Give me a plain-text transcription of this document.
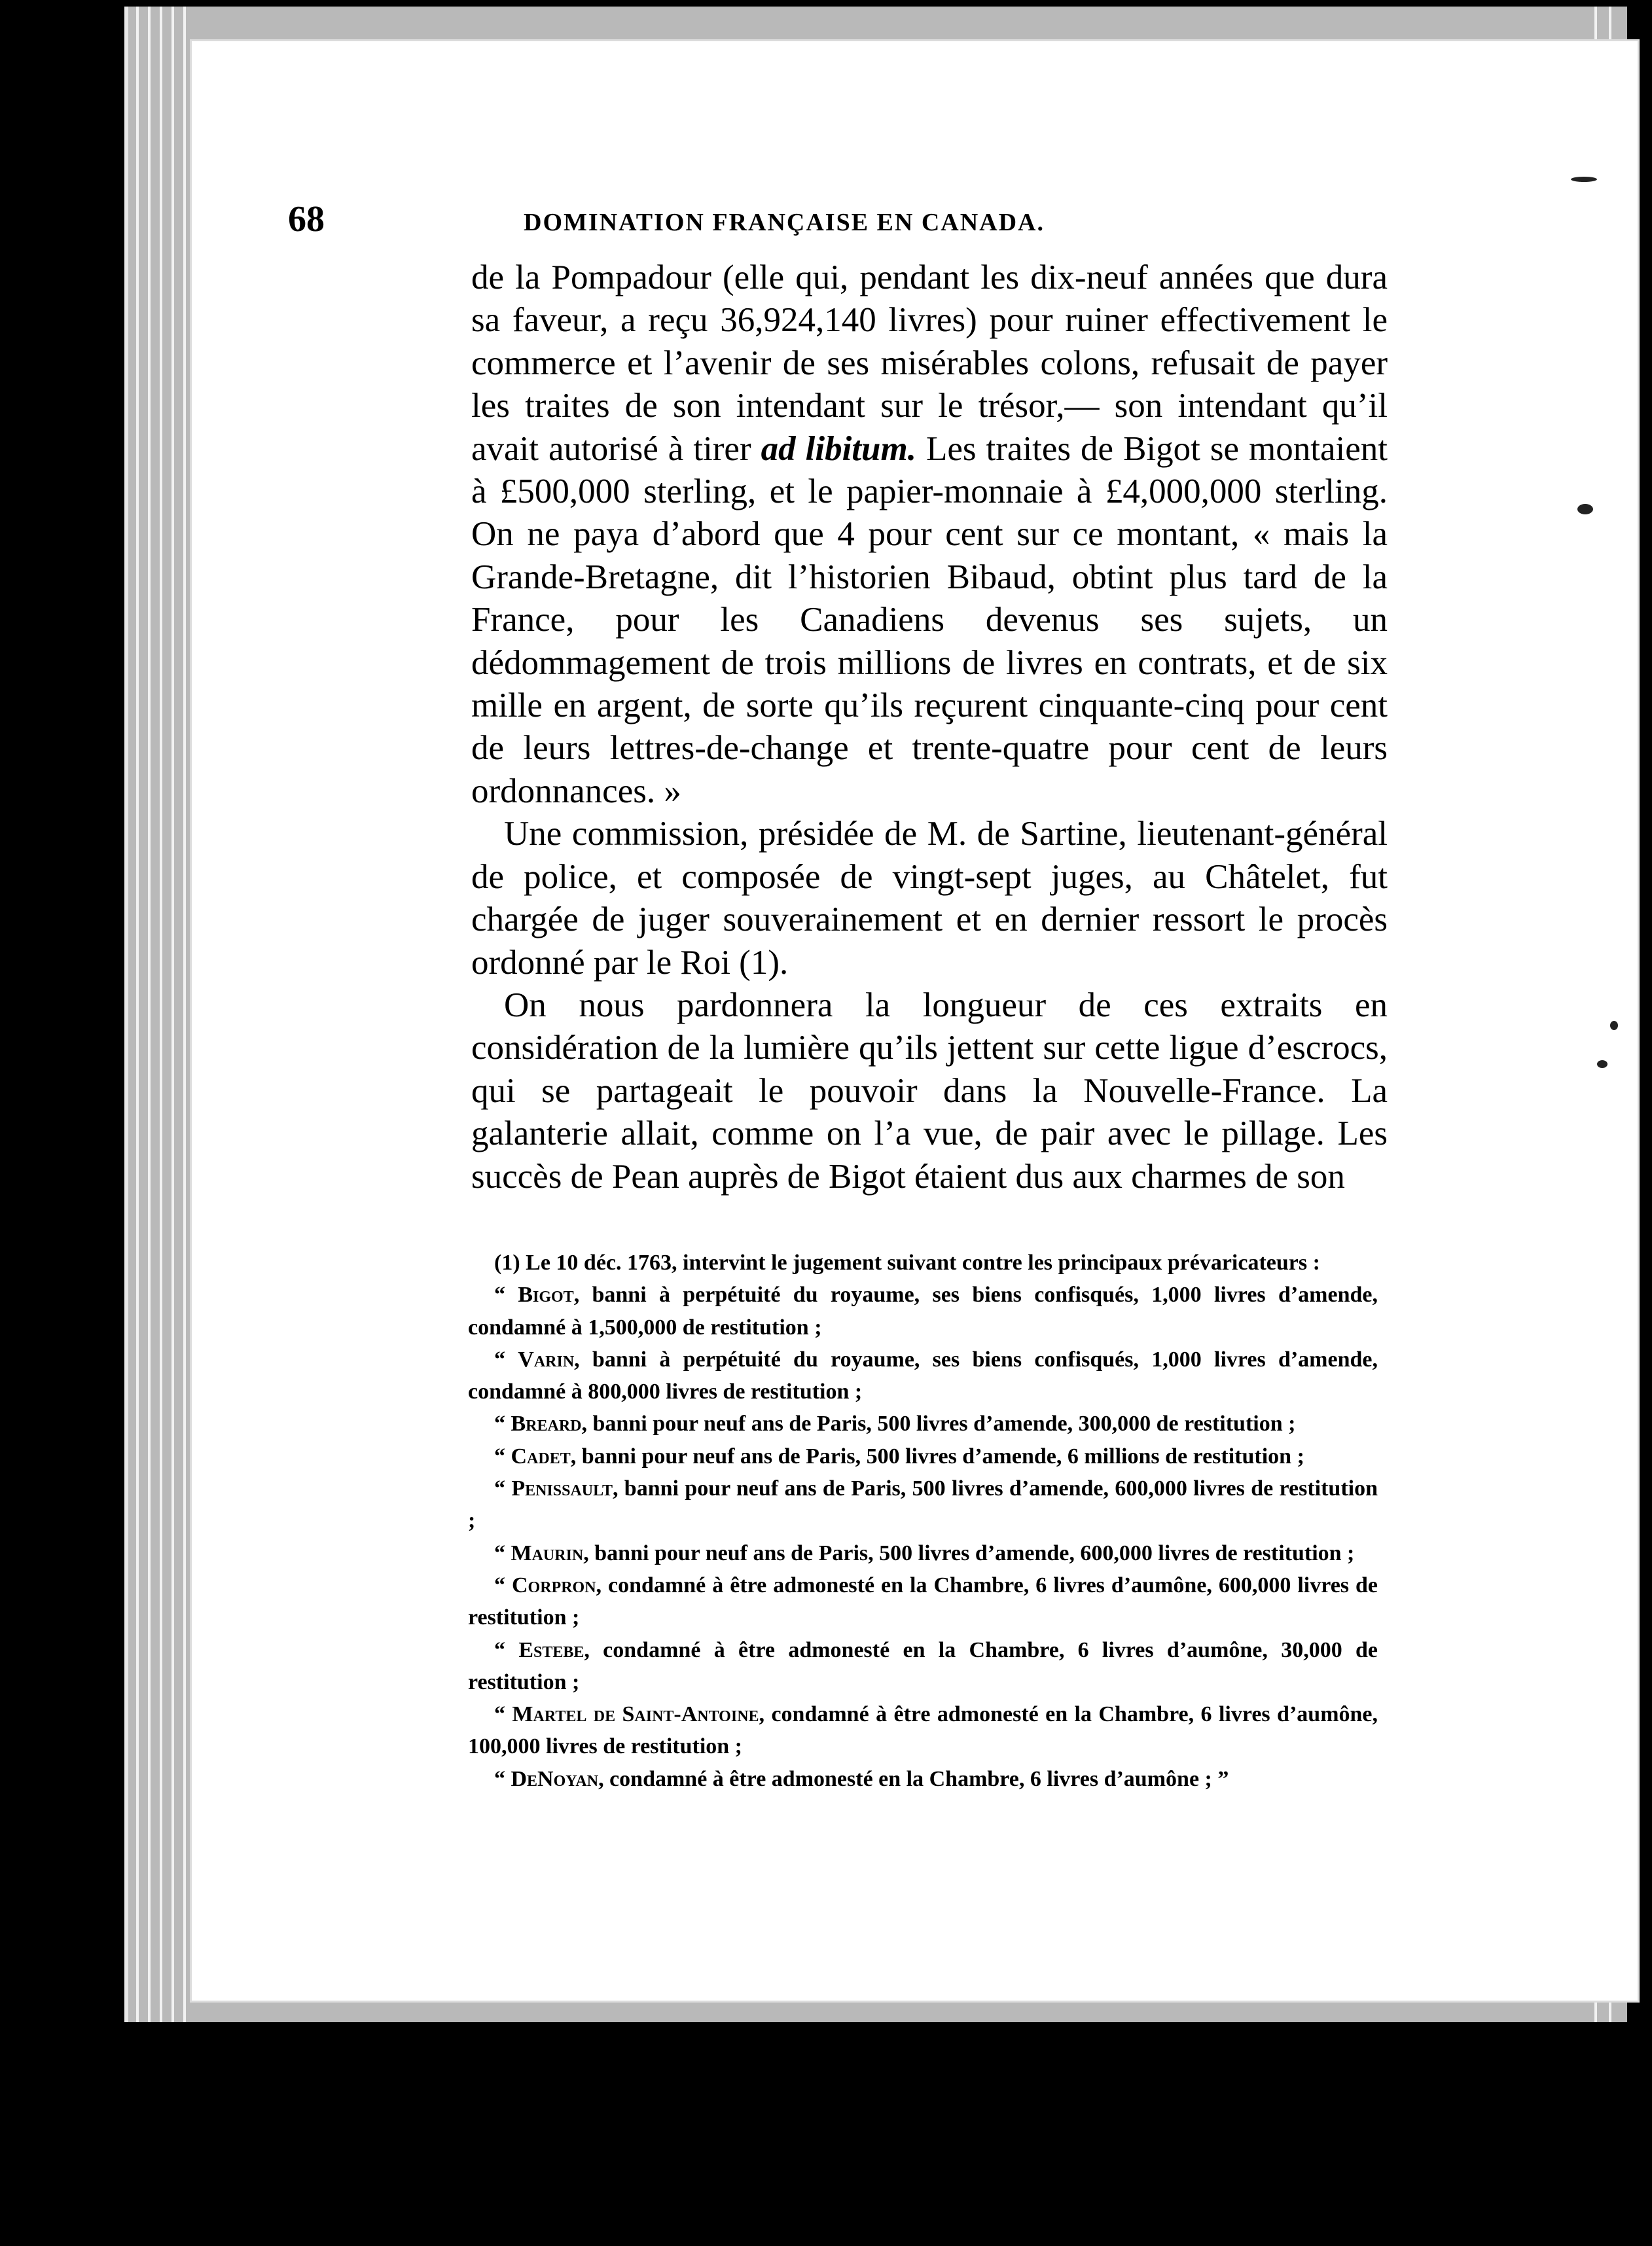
68	DOMINATION FRANÇAISE EN CANADA.

de la Pompadour (elle qui, pendant les dix-neuf années que dura sa faveur, a reçu 36,924,140 livres) pour ruiner effectivement le commerce et l’avenir de ses misérables colons, refusait de payer les traites de son intendant sur le trésor,— son intendant qu’il avait autorisé à tirer ad libitum. Les traites de Bigot se montaient à £500,000 sterling, et le papier-monnaie à £4,000,000 sterling. On ne paya d’abord que 4 pour cent sur ce montant, « mais la Grande-Bretagne, dit l’historien Bibaud, obtint plus tard de la France, pour les Canadiens devenus ses sujets, un dédommagement de trois millions de livres en contrats, et de six mille en argent, de sorte qu’ils reçurent cinquante-cinq pour cent de leurs lettres-de-change et trente-quatre pour cent de leurs ordonnances. »

Une commission, présidée de M. de Sartine, lieutenant-général de police, et composée de vingt-sept juges, au Châtelet, fut chargée de juger souverainement et en dernier ressort le procès ordonné par le Roi (1).

On nous pardonnera la longueur de ces extraits en considération de la lumière qu’ils jettent sur cette ligue d’escrocs, qui se partageait le pouvoir dans la Nouvelle-France. La galanterie allait, comme on l’a vue, de pair avec le pillage. Les succès de Pean auprès de Bigot étaient dus aux charmes de son

(1) Le 10 déc. 1763, intervint le jugement suivant contre les principaux prévaricateurs :

“ Bigot, banni à perpétuité du royaume, ses biens confisqués, 1,000 livres d’amende, condamné à 1,500,000 de restitution ;

“ Varin, banni à perpétuité du royaume, ses biens confisqués, 1,000 livres d’amende, condamné à 800,000 livres de restitution ;

“ Breard, banni pour neuf ans de Paris, 500 livres d’amende, 300,000 de restitution ;

“ Cadet, banni pour neuf ans de Paris, 500 livres d’amende, 6 millions de restitution ;

“ Penissault, banni pour neuf ans de Paris, 500 livres d’amende, 600,000 livres de restitution ;

“ Maurin, banni pour neuf ans de Paris, 500 livres d’amende, 600,000 livres de restitution ;

“ Corpron, condamné à être admonesté en la Chambre, 6 livres d’aumône, 600,000 livres de restitution ;

“ Estebe, condamné à être admonesté en la Chambre, 6 livres d’aumône, 30,000 de restitution ;

“ Martel de Saint-Antoine, condamné à être admonesté en la Chambre, 6 livres d’aumône, 100,000 livres de restitution ;

“ DeNoyan, condamné à être admonesté en la Chambre, 6 livres d’aumône ; ”
